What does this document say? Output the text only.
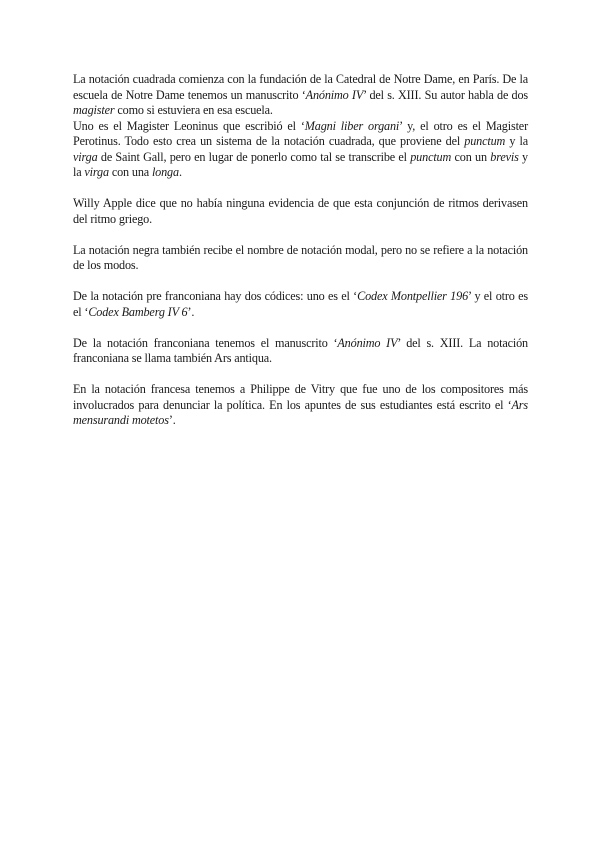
La notación cuadrada comienza con la fundación de la Catedral de Notre Dame, en París. De la escuela de Notre Dame tenemos un manuscrito ‘Anónimo IV’ del s. XIII. Su autor habla de dos magister como si estuviera en esa escuela.

Uno es el Magister Leoninus que escribió el ‘Magni liber organi’ y, el otro es el Magister Perotinus. Todo esto crea un sistema de la notación cuadrada, que proviene del punctum y la virga de Saint Gall, pero en lugar de ponerlo como tal se transcribe el punctum con un brevis y la virga con una longa.

Willy Apple dice que no había ninguna evidencia de que esta conjunción de ritmos derivasen del ritmo griego.

La notación negra también recibe el nombre de notación modal, pero no se refiere a la notación de los modos.

De la notación pre franconiana hay dos códices: uno es el ‘Codex Montpellier 196’ y el otro es el ‘Codex Bamberg IV 6’.

De la notación franconiana tenemos el manuscrito ‘Anónimo IV’ del s. XIII. La notación franconiana se llama también Ars antiqua.

En la notación francesa tenemos a Philippe de Vitry que fue uno de los compositores más involucrados para denunciar la política. En los apuntes de sus estudiantes está escrito el ‘Ars mensurandi motetos’.
